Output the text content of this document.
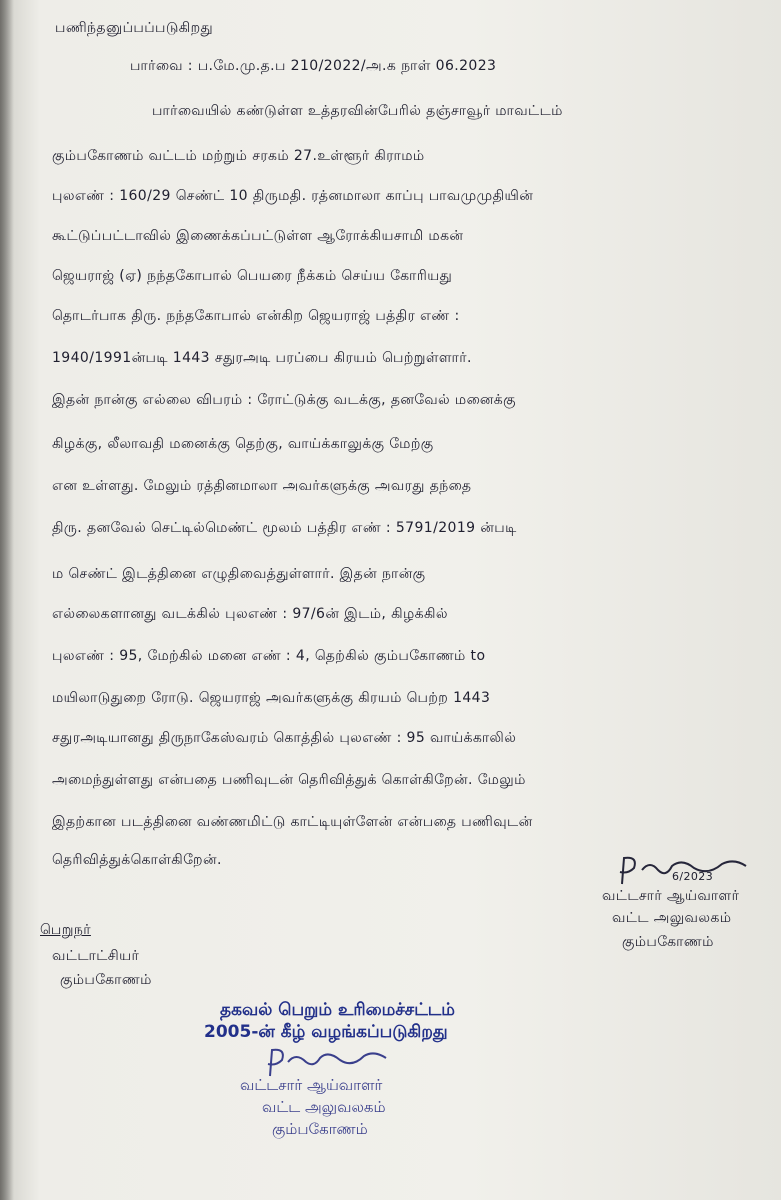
பணிந்தனுப்பப்படுகிறது
பார்வை : ப.மே.மு.த.ப 210/2022/அ.க நாள் 06.2023
பார்வையில் கண்டுள்ள உத்தரவின்பேரில் தஞ்சாவூர் மாவட்டம்
கும்பகோணம் வட்டம் மற்றும் சரகம் 27.உள்ளூர் கிராமம்
புலஎண் : 160/29 செண்ட் 10 திருமதி. ரத்னமாலா காப்பு பாவமுமுதியின்
கூட்டுப்பட்டாவில் இணைக்கப்பட்டுள்ள ஆரோக்கியசாமி மகன்
ஜெயராஜ் (ஏ) நந்தகோபால் பெயரை நீக்கம் செய்ய கோரியது
தொடர்பாக திரு. நந்தகோபால் என்கிற ஜெயராஜ் பத்திர எண் :
1940/1991ன்படி 1443 சதுரஅடி பரப்பை கிரயம் பெற்றுள்ளார்.
இதன் நான்கு எல்லை விபரம் : ரோட்டுக்கு வடக்கு, தனவேல் மனைக்கு
கிழக்கு, லீலாவதி மனைக்கு தெற்கு, வாய்க்காலுக்கு மேற்கு
என உள்ளது. மேலும் ரத்தினமாலா அவர்களுக்கு அவரது தந்தை
திரு. தனவேல் செட்டில்மெண்ட் மூலம் பத்திர எண் : 5791/2019 ன்படி
ம செண்ட் இடத்தினை எழுதிவைத்துள்ளார். இதன் நான்கு
எல்லைகளானது வடக்கில் புலஎண் : 97/6ன் இடம், கிழக்கில்
புலஎண் : 95, மேற்கில் மனை எண் : 4, தெற்கில் கும்பகோணம் to
மயிலாடுதுறை ரோடு. ஜெயராஜ் அவர்களுக்கு கிரயம் பெற்ற 1443
சதுரஅடியானது திருநாகேஸ்வரம் கொத்தில் புலஎண் : 95 வாய்க்காலில்
அமைந்துள்ளது என்பதை பணிவுடன் தெரிவித்துக் கொள்கிறேன். மேலும்
இதற்கான படத்தினை வண்ணமிட்டு காட்டியுள்ளேன் என்பதை பணிவுடன்
தெரிவித்துக்கொள்கிறேன்.
6/2023
வட்டசார் ஆய்வாளர்
வட்ட அலுவலகம்
கும்பகோணம்
பெறுநர்
வட்டாட்சியர்
கும்பகோணம்
தகவல் பெறும் உரிமைச்சட்டம்
2005-ன் கீழ் வழங்கப்படுகிறது
வட்டசார் ஆய்வாளர்
வட்ட அலுவலகம்
கும்பகோணம்
